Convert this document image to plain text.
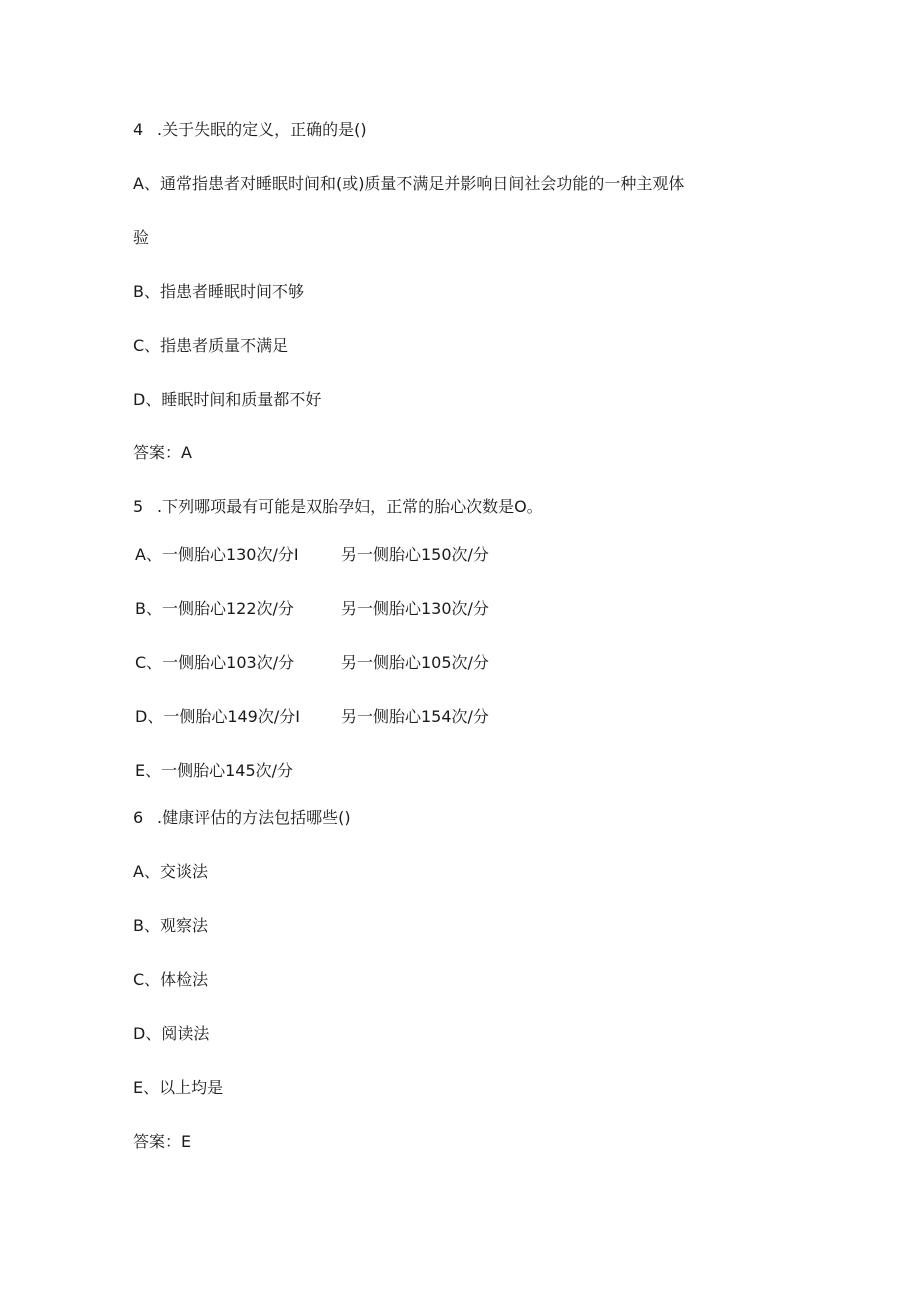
4 .关于失眠的定义，正确的是()
A、通常指患者对睡眠时间和(或)质量不满足并影响日间社会功能的一种主观体
验
B、指患者睡眠时间不够
C、指患者质量不满足
D、睡眠时间和质量都不好
答案：A
5 .下列哪项最有可能是双胎孕妇，正常的胎心次数是O。
A、一侧胎心130次/分I	另一侧胎心150次/分
B、一侧胎心122次/分	另一侧胎心130次/分
C、一侧胎心103次/分	另一侧胎心105次/分
D、一侧胎心149次/分I	另一侧胎心154次/分
E、一侧胎心145次/分
6 .健康评估的方法包括哪些()
A、交谈法
B、观察法
C、体检法
D、阅读法
E、以上均是
答案：E
